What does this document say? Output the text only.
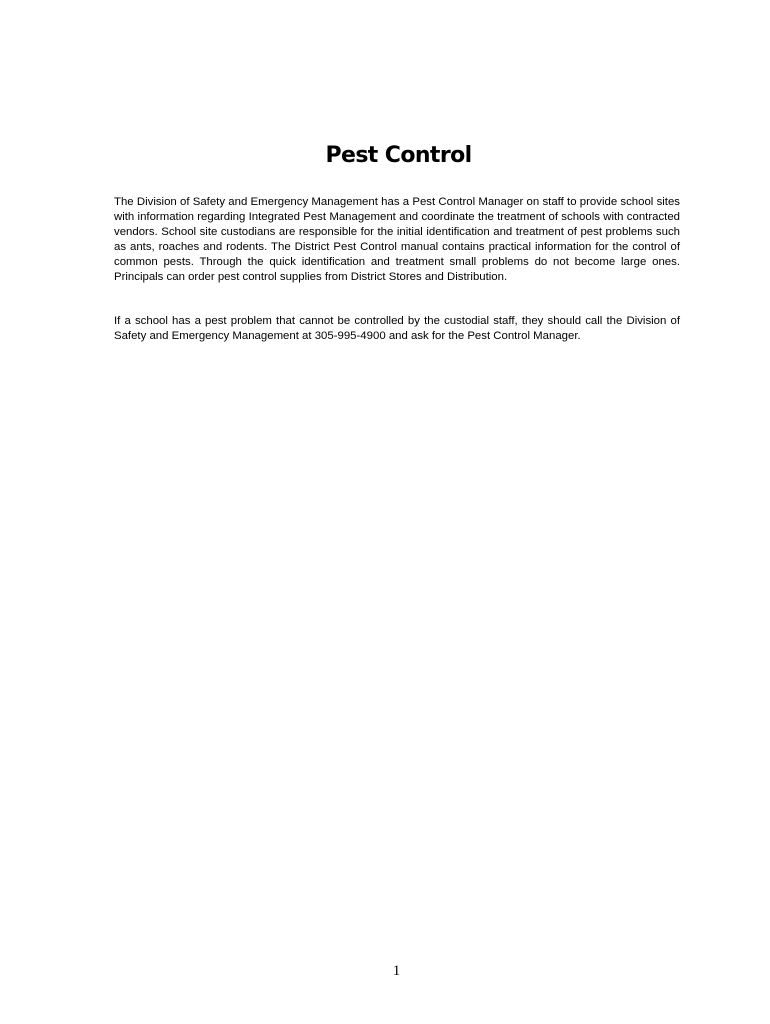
Pest Control

The Division of Safety and Emergency Management has a Pest Control Manager on staff to provide school sites with information regarding Integrated Pest Management and coordinate the treatment of schools with contracted vendors. School site custodians are responsible for the initial identification and treatment of pest problems such as ants, roaches and rodents. The District Pest Control manual contains practical information for the control of common pests. Through the quick identification and treatment small problems do not become large ones. Principals can order pest control supplies from District Stores and Distribution.

If a school has a pest problem that cannot be controlled by the custodial staff, they should call the Division of Safety and Emergency Management at 305-995-4900 and ask for the Pest Control Manager.

1
